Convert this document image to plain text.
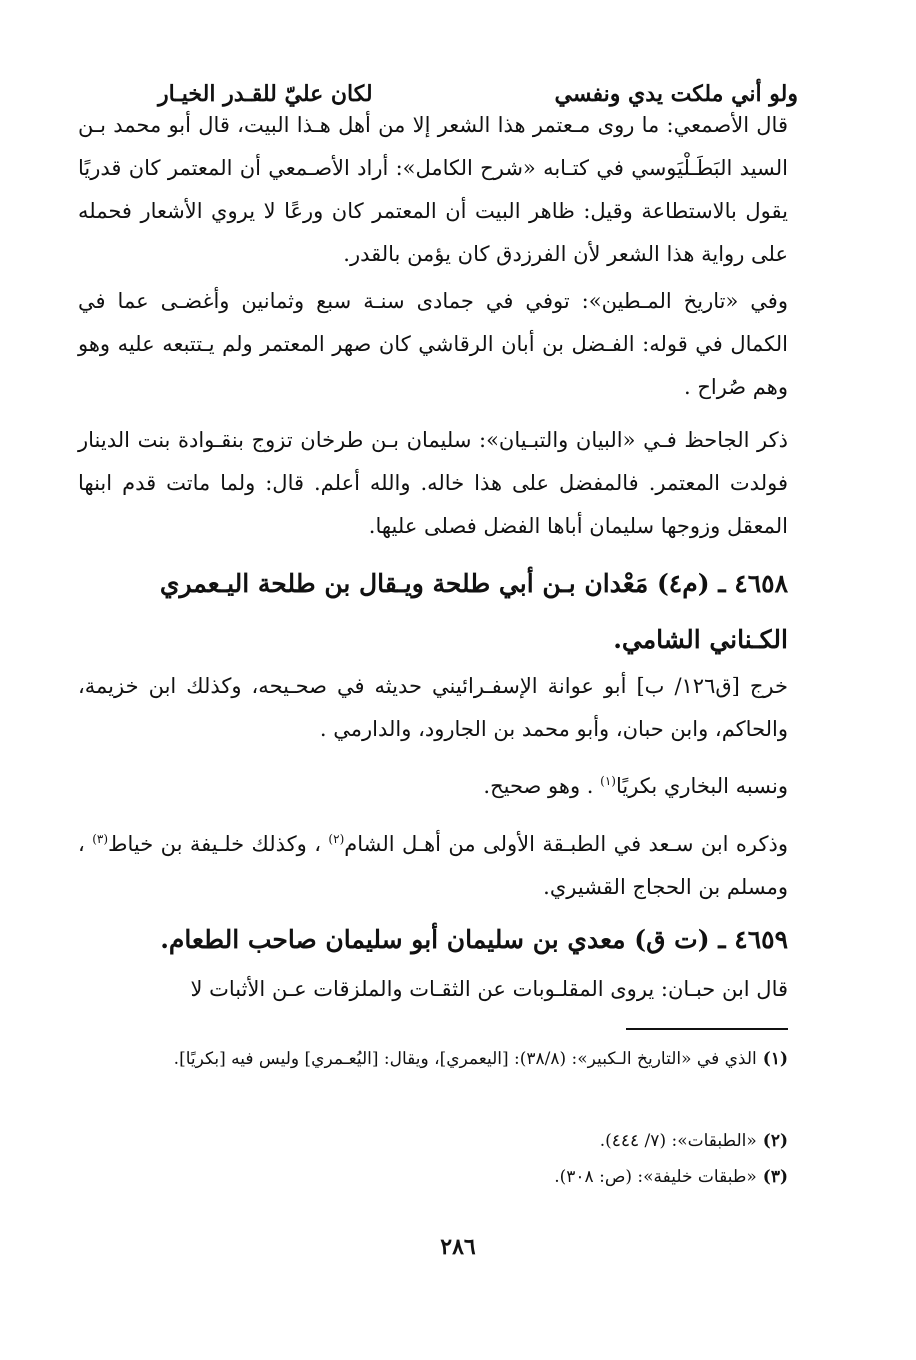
ولو أني ملكت يدي ونفسي
لكان عليّ للقـدر الخيـار

قال الأصمعي: ما روى مـعتمر هذا الشعر إلا من أهل هـذا البيت، قال أبو محمد بـن السيد البَطَـلْيَوسي في كتـابه «شرح الكامل»: أراد الأصـمعي أن المعتمر كان قدريًا يقول بالاستطاعة وقيل: ظاهر البيت أن المعتمر كان ورعًا لا يروي الأشعار فحمله على رواية هذا الشعر لأن الفرزدق كان يؤمن بالقدر.

وفي «تاريخ المـطين»: توفي في جمادى سنـة سبع وثمانين وأغضـى عما في الكمال في قوله: الفـضل بن أبان الرقاشي كان صهر المعتمر ولم يـتتبعه عليه وهو وهم صُراح .

ذكر الجاحظ فـي «البيان والتبـيان»: سليمان بـن طرخان تزوج بنقـوادة بنت الدينار فولدت المعتمر. فالمفضل على هذا خاله. والله أعلم. قال: ولما ماتت قدم ابنها المعقل وزوجها سليمان أباها الفضل فصلى عليها.

٤٦٥٨ ـ (م٤) مَعْدان بـن أبي طلحة ويـقال بن طلحة اليـعمري الكـناني الشامي.

خرج [ق١٢٦/ ب] أبو عوانة الإسفـرائيني حديثه في صحـيحه، وكذلك ابن خزيمة، والحاكم، وابن حبان، وأبو محمد بن الجارود، والدارمي .

ونسبه البخاري بكريًا$^{(١)}$ . وهو صحيح.

وذكره ابن سـعد في الطبـقة الأولى من أهـل الشام$^{(٢)}$ ، وكذلك خلـيفة بن خياط$^{(٣)}$ ، ومسلم بن الحجاج القشيري.

٤٦٥٩ ـ (ت ق) معدي بن سليمان أبو سليمان صاحب الطعام.

قال ابن حبـان: يروى المقلـوبات عن الثقـات والملزقات عـن الأثبات لا

(١)الذي في «التاريخ الـكبير»: (٣٨/٨): [اليعمري]، ويقال: [اليُعـمري] وليس فيه [بكريًا].
(٢)«الطبقات»: (٧/ ٤٤٤).
(٣)«طبقات خليفة»: (ص: ٣٠٨).
٢٨٦
